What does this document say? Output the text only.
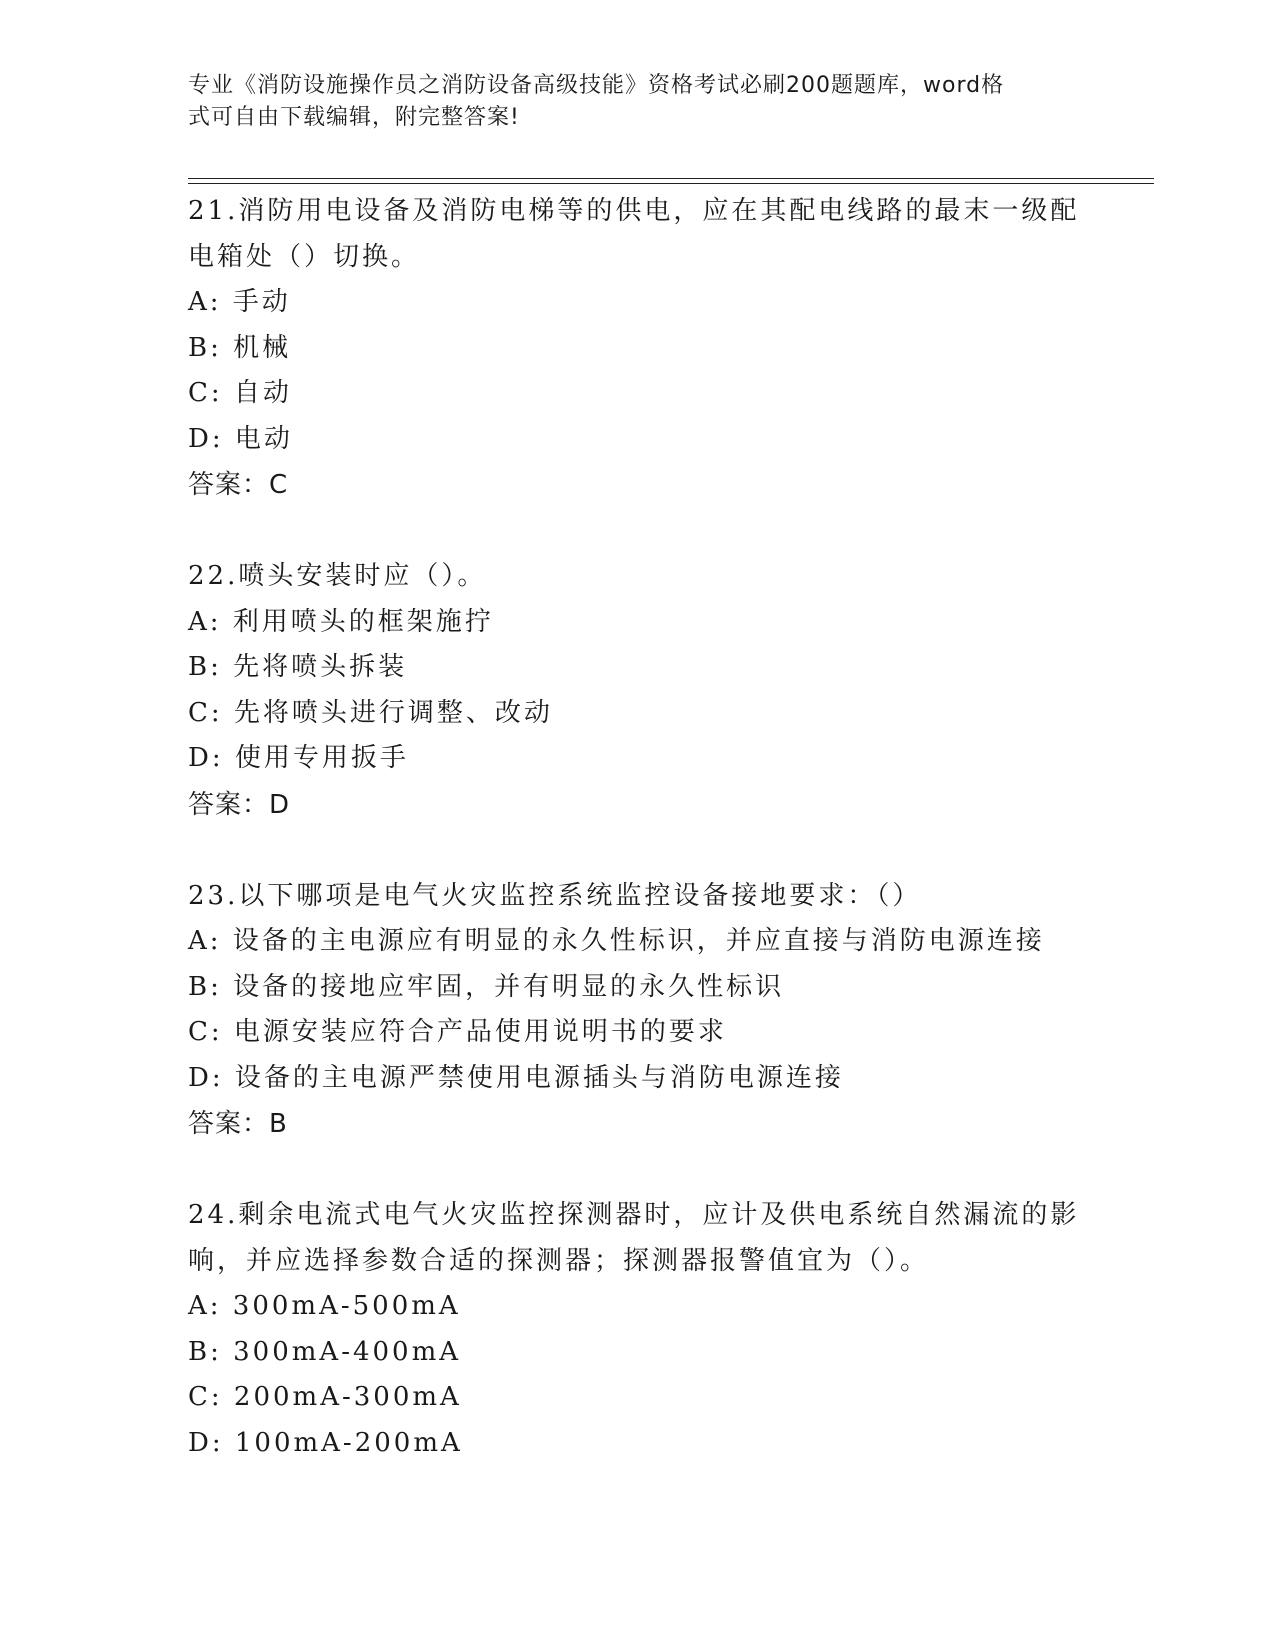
专业《消防设施操作员之消防设备高级技能》资格考试必刷200题题库，word格
式可自由下载编辑，附完整答案!
21.消防用电设备及消防电梯等的供电，应在其配电线路的最末一级配
电箱处（）切换。
A: 手动
B: 机械
C: 自动
D: 电动
答案：C
22.喷头安装时应（）。
A: 利用喷头的框架施拧
B: 先将喷头拆装
C: 先将喷头进行调整、改动
D: 使用专用扳手
答案：D
23.以下哪项是电气火灾监控系统监控设备接地要求：（）
A: 设备的主电源应有明显的永久性标识，并应直接与消防电源连接
B: 设备的接地应牢固，并有明显的永久性标识
C: 电源安装应符合产品使用说明书的要求
D: 设备的主电源严禁使用电源插头与消防电源连接
答案：B
24.剩余电流式电气火灾监控探测器时，应计及供电系统自然漏流的影
响，并应选择参数合适的探测器；探测器报警值宜为（）。
A: 300mA-500mA
B: 300mA-400mA
C: 200mA-300mA
D: 100mA-200mA
